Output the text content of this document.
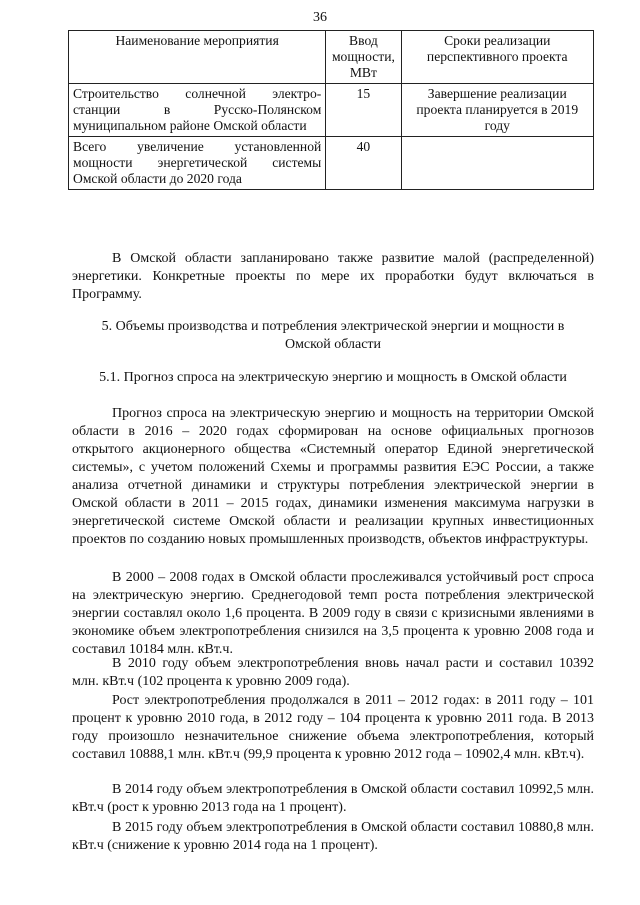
36
Наименование мероприятия	Ввод мощности, МВт	Сроки реализации перспективного проекта
Строительство солнечной электро-станции в Русско-Полянском муниципальном районе Омской области	15	Завершение реализации проекта планируется в 2019 году
Всего увеличение установленной мощности энергетической системы Омской области до 2020 года	40	

В Омской области запланировано также развитие малой (распределенной) энергетики. Конкретные проекты по мере их проработки будут включаться в Программу.

5. Объемы производства и потребления электрической энергии и мощности в Омской области

5.1. Прогноз спроса на электрическую энергию и мощность в Омской области

Прогноз спроса на электрическую энергию и мощность на территории Омской области в 2016 – 2020 годах сформирован на основе официальных прогнозов открытого акционерного общества «Системный оператор Единой энергетической системы», с учетом положений Схемы и программы развития ЕЭС России, а также анализа отчетной динамики и структуры потребления электрической энергии в Омской области в 2011 – 2015 годах, динамики изменения максимума нагрузки в энергетической системе Омской области и реализации крупных инвестиционных проектов по созданию новых промышленных производств, объектов инфраструктуры.

В 2000 – 2008 годах в Омской области прослеживался устойчивый рост спроса на электрическую энергию. Среднегодовой темп роста потребления электрической энергии составлял около 1,6 процента. В 2009 году в связи с кризисными явлениями в экономике объем электропотребления снизился на 3,5 процента к уровню 2008 года и составил 10184 млн. кВт.ч.

В 2010 году объем электропотребления вновь начал расти и составил 10392 млн. кВт.ч (102 процента к уровню 2009 года).

Рост электропотребления продолжался в 2011 – 2012 годах: в 2011 году – 101 процент к уровню 2010 года, в 2012 году – 104 процента к уровню 2011 года. В 2013 году произошло незначительное снижение объема электропотребления, который составил 10888,1 млн. кВт.ч (99,9 процента к уровню 2012 года – 10902,4 млн. кВт.ч).

В 2014 году объем электропотребления в Омской области составил 10992,5 млн. кВт.ч (рост к уровню 2013 года на 1 процент).

В 2015 году объем электропотребления в Омской области составил 10880,8 млн. кВт.ч (снижение к уровню 2014 года на 1 процент).
